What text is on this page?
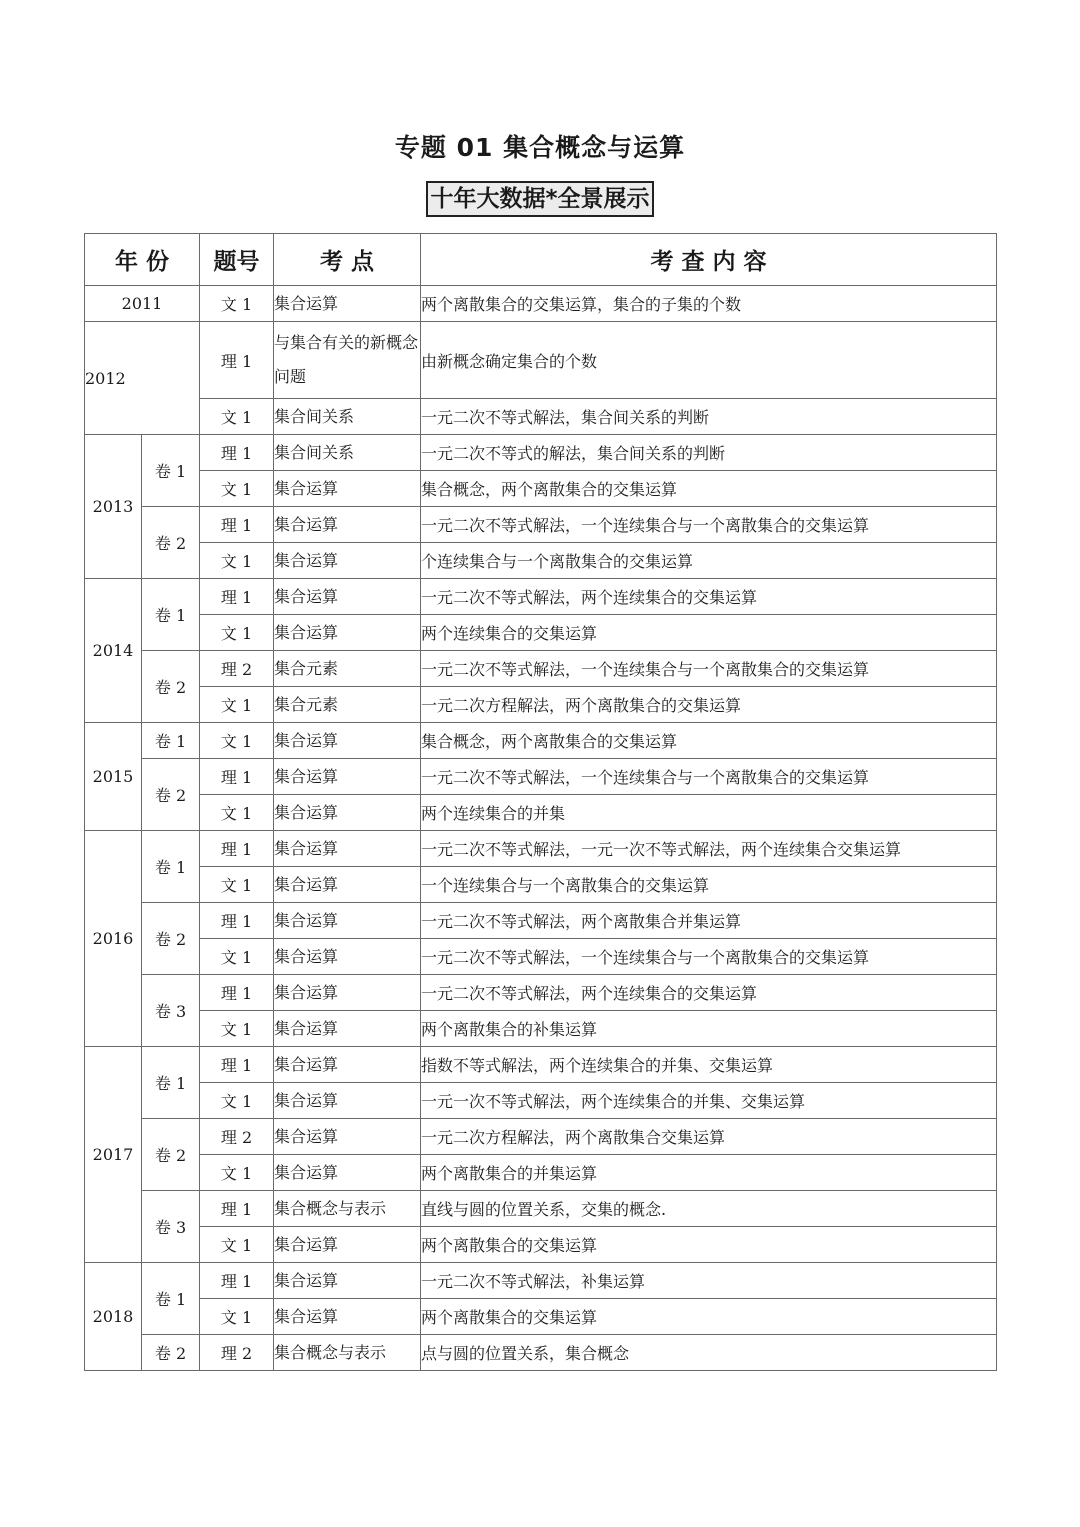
专题 01 集合概念与运算
十年大数据*全景展示
年 份		题号	考 点	考 查 内 容
2011		文 1	集合运算	两个离散集合的交集运算，集合的子集的个数
2012		理 1	与集合有关的新概念问题	由新概念确定集合的个数
		文 1	集合间关系	一元二次不等式解法，集合间关系的判断
2013	卷 1	理 1	集合间关系	一元二次不等式的解法，集合间关系的判断
		文 1	集合运算	集合概念，两个离散集合的交集运算
	卷 2	理 1	集合运算	一元二次不等式解法，一个连续集合与一个离散集合的交集运算
		文 1	集合运算	个连续集合与一个离散集合的交集运算
2014	卷 1	理 1	集合运算	一元二次不等式解法，两个连续集合的交集运算
		文 1	集合运算	两个连续集合的交集运算
	卷 2	理 2	集合元素	一元二次不等式解法，一个连续集合与一个离散集合的交集运算
		文 1	集合元素	一元二次方程解法，两个离散集合的交集运算
2015	卷 1	文 1	集合运算	集合概念，两个离散集合的交集运算
	卷 2	理 1	集合运算	一元二次不等式解法，一个连续集合与一个离散集合的交集运算
		文 1	集合运算	两个连续集合的并集
2016	卷 1	理 1	集合运算	一元二次不等式解法，一元一次不等式解法，两个连续集合交集运算
		文 1	集合运算	一个连续集合与一个离散集合的交集运算
	卷 2	理 1	集合运算	一元二次不等式解法，两个离散集合并集运算
		文 1	集合运算	一元二次不等式解法，一个连续集合与一个离散集合的交集运算
	卷 3	理 1	集合运算	一元二次不等式解法，两个连续集合的交集运算
		文 1	集合运算	两个离散集合的补集运算
2017	卷 1	理 1	集合运算	指数不等式解法，两个连续集合的并集、交集运算
		文 1	集合运算	一元一次不等式解法，两个连续集合的并集、交集运算
	卷 2	理 2	集合运算	一元二次方程解法，两个离散集合交集运算
		文 1	集合运算	两个离散集合的并集运算
	卷 3	理 1	集合概念与表示	直线与圆的位置关系，交集的概念.
		文 1	集合运算	两个离散集合的交集运算
2018	卷 1	理 1	集合运算	一元二次不等式解法，补集运算
		文 1	集合运算	两个离散集合的交集运算
	卷 2	理 2	集合概念与表示	点与圆的位置关系，集合概念
